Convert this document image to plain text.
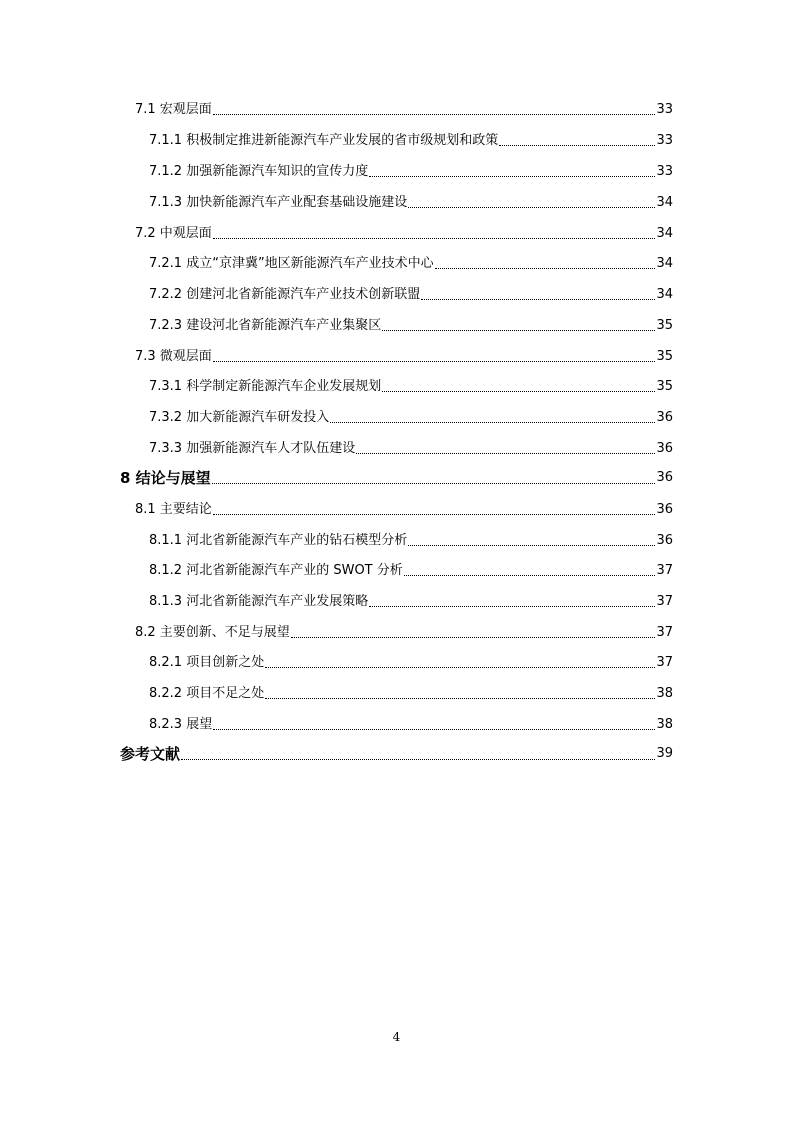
7.1 宏观层面	33
7.1.1 积极制定推进新能源汽车产业发展的省市级规划和政策	33
7.1.2 加强新能源汽车知识的宣传力度	33
7.1.3 加快新能源汽车产业配套基础设施建设	34
7.2 中观层面	34
7.2.1 成立“京津冀”地区新能源汽车产业技术中心	34
7.2.2 创建河北省新能源汽车产业技术创新联盟	34
7.2.3 建设河北省新能源汽车产业集聚区	35
7.3 微观层面	35
7.3.1 科学制定新能源汽车企业发展规划	35
7.3.2 加大新能源汽车研发投入	36
7.3.3 加强新能源汽车人才队伍建设	36
8 结论与展望	36
8.1 主要结论	36
8.1.1 河北省新能源汽车产业的钻石模型分析	36
8.1.2 河北省新能源汽车产业的 SWOT 分析	37
8.1.3 河北省新能源汽车产业发展策略	37
8.2 主要创新、不足与展望	37
8.2.1 项目创新之处	37
8.2.2 项目不足之处	38
8.2.3 展望	38
参考文献	39
4
